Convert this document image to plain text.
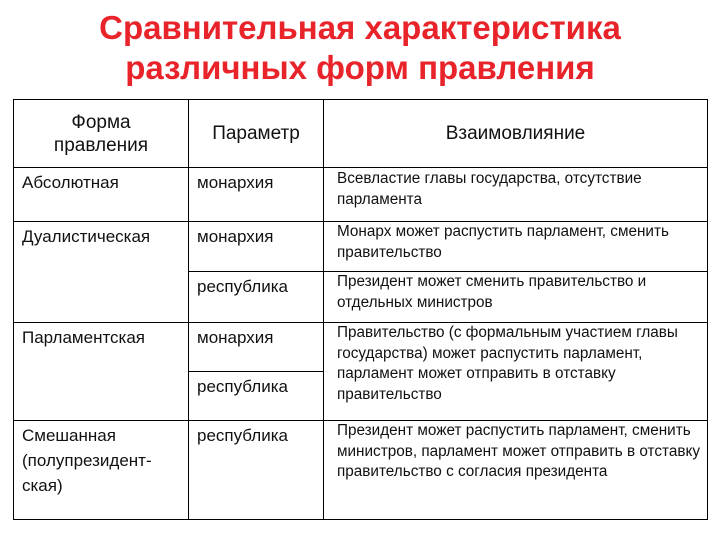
Сравнительная характеристика
различных форм правления
Форма
правления	Параметр	Взаимовлияние
Абсолютная	монархия	Всевластие главы государства, отсутствие парламента
Дуалистическая	монархия	Монарх может распустить парламент, сменить правительство
	республика	Президент может сменить правительство и отдельных министров
Парламентская	монархия	Правительство (с формальным участием главы государства) может распустить парламент, парламент может отправить в отставку правительство
	республика	
Смешанная (полупрезидент-ская)	республика	Президент может распустить парламент, сменить министров, парламент может отправить в отставку правительство с согласия президента
